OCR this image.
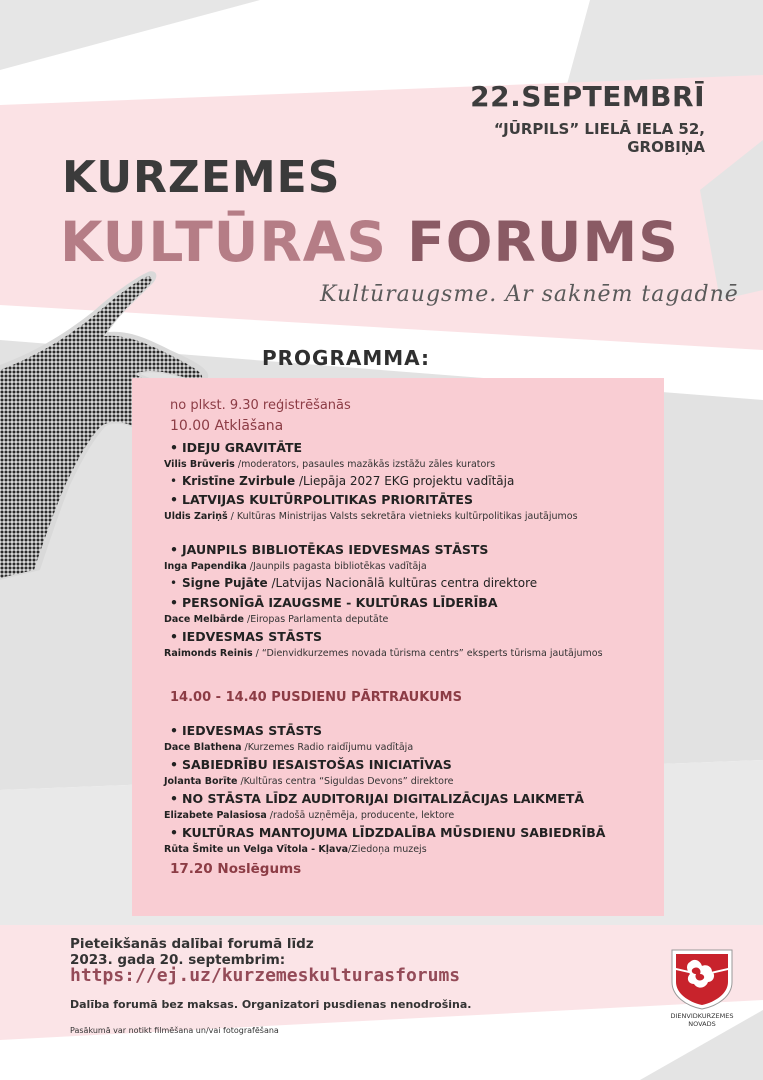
22.SEPTEMBRĪ
“JŪRPILS” LIELĀ IELA 52,
GROBIŅA
KURZEMES
KULTŪRAS FORUMS
Kultūraugsme. Ar saknēm tagadnē
PROGRAMMA:
no plkst. 9.30 reģistrēšanās
10.00 Atklāšana
• IDEJU GRAVITĀTE
Vilis Brūveris /moderators, pasaules mazākās izstāžu zāles kurators
• Kristīne Zvirbule /Liepāja 2027 EKG projektu vadītāja
• LATVIJAS KULTŪRPOLITIKAS PRIORITĀTES
Uldis Zariņš / Kultūras Ministrijas Valsts sekretāra vietnieks kultūrpolitikas jautājumos
• JAUNPILS BIBLIOTĒKAS IEDVESMAS STĀSTS
Inga Papendika /Jaunpils pagasta bibliotēkas vadītāja
• Signe Pujāte /Latvijas Nacionālā kultūras centra direktore
• PERSONĪGĀ IZAUGSME - KULTŪRAS LĪDERĪBA
Dace Melbārde /Eiropas Parlamenta deputāte
• IEDVESMAS STĀSTS
Raimonds Reinis / “Dienvidkurzemes novada tūrisma centrs” eksperts tūrisma jautājumos
14.00 - 14.40 PUSDIENU PĀRTRAUKUMS
• IEDVESMAS STĀSTS
Dace Blathena /Kurzemes Radio raidījumu vadītāja
• SABIEDRĪBU IESAISTOŠAS INICIATĪVAS
Jolanta Borīte /Kultūras centra “Siguldas Devons” direktore
• NO STĀSTA LĪDZ AUDITORIJAI DIGITALIZĀCIJAS LAIKMETĀ
Elizabete Palasiosa /radošā uzņēmēja, producente, lektore
• KULTŪRAS MANTOJUMA LĪDZDALĪBA MŪSDIENU SABIEDRĪBĀ
Rūta Šmite un Velga Vītola - Kļava/Ziedoņa muzejs
17.20 Noslēgums
Pieteikšanās dalībai forumā līdz
2023. gada 20. septembrim:
https://ej.uz/kurzemeskulturasforums
Dalība forumā bez maksas. Organizatori pusdienas nenodrošina.
Pasākumā var notikt filmēšana un/vai fotografēšana
DIENVIDKURZEMES
NOVADS
